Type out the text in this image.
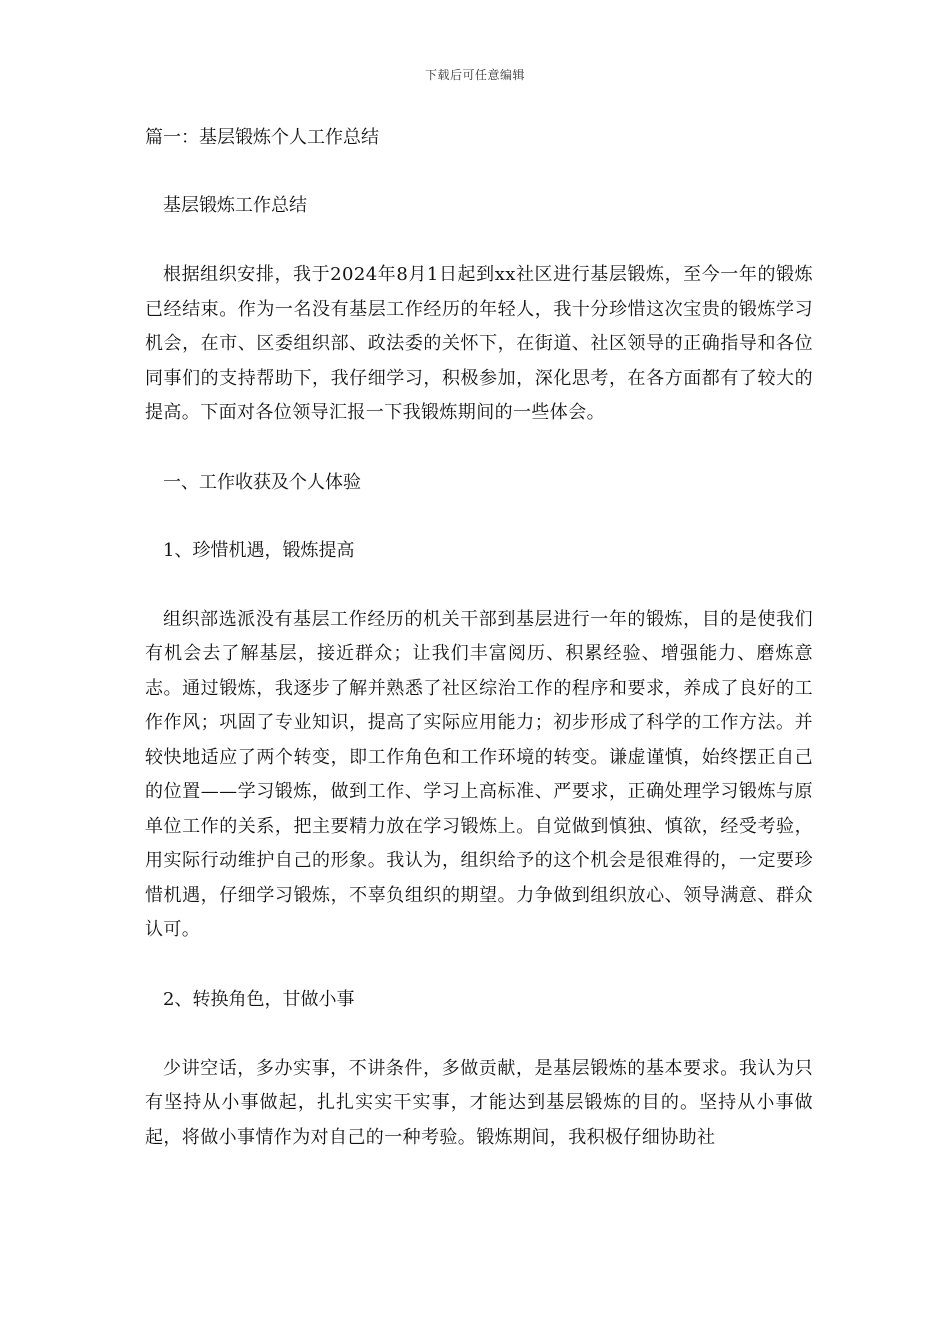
下载后可任意编辑

篇一：基层锻炼个人工作总结

基层锻炼工作总结

根据组织安排，我于2024年8月1日起到xx社区进行基层锻炼，至今一年的锻炼已经结束。作为一名没有基层工作经历的年轻人，我十分珍惜这次宝贵的锻炼学习机会，在市、区委组织部、政法委的关怀下，在街道、社区领导的正确指导和各位同事们的支持帮助下，我仔细学习，积极参加，深化思考，在各方面都有了较大的提高。下面对各位领导汇报一下我锻炼期间的一些体会。

一、工作收获及个人体验

1、珍惜机遇，锻炼提高

组织部选派没有基层工作经历的机关干部到基层进行一年的锻炼，目的是使我们有机会去了解基层，接近群众；让我们丰富阅历、积累经验、增强能力、磨炼意志。通过锻炼，我逐步了解并熟悉了社区综治工作的程序和要求，养成了良好的工作作风；巩固了专业知识，提高了实际应用能力；初步形成了科学的工作方法。并较快地适应了两个转变，即工作角色和工作环境的转变。谦虚谨慎，始终摆正自己的位置——学习锻炼，做到工作、学习上高标准、严要求，正确处理学习锻炼与原单位工作的关系，把主要精力放在学习锻炼上。自觉做到慎独、慎欲，经受考验，用实际行动维护自己的形象。我认为，组织给予的这个机会是很难得的，一定要珍惜机遇，仔细学习锻炼，不辜负组织的期望。力争做到组织放心、领导满意、群众认可。

2、转换角色，甘做小事

少讲空话，多办实事，不讲条件，多做贡献，是基层锻炼的基本要求。我认为只有坚持从小事做起，扎扎实实干实事，才能达到基层锻炼的目的。坚持从小事做起，将做小事情作为对自己的一种考验。锻炼期间，我积极仔细协助社
